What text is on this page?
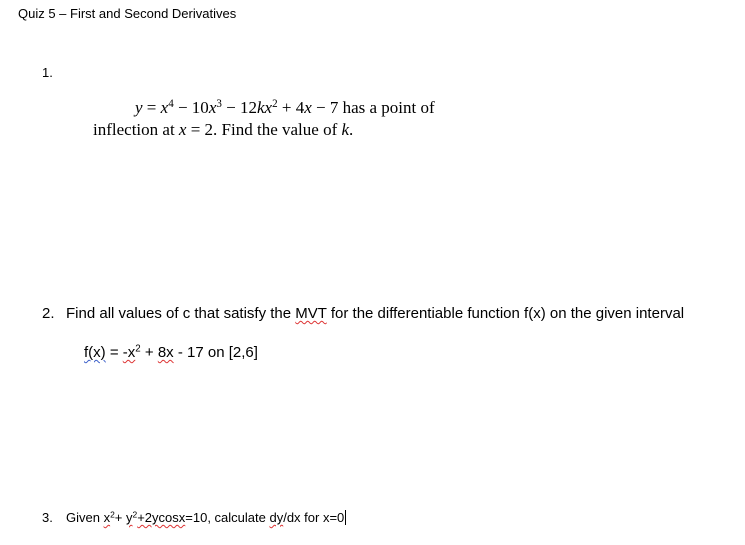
Quiz 5 – First and Second Derivatives
1.
$y = x^4 - 10x^3 - 12kx^2 + 4x - 7$ has a point of
inflection at x = 2. Find the value of k.
2. Find all values of c that satisfy the MVT for the differentiable function f(x) on the given interval
$f(x) = -x^2 + 8x - 17$ on [2,6]
3. Given $x^2+ y^2+2ycosx=10$, calculate dy/dx for x=0
